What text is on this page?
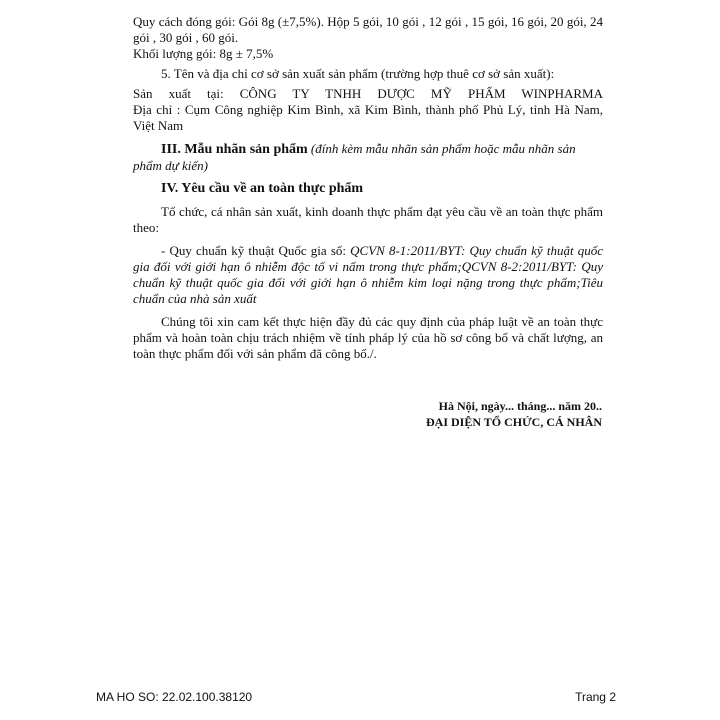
Quy cách đóng gói: Gói 8g (±7,5%). Hộp 5 gói, 10 gói , 12 gói , 15 gói, 16 gói, 20 gói, 24 gói , 30 gói , 60 gói.

Khối lượng gói: 8g ± 7,5%

5. Tên và địa chỉ cơ sở sản xuất sản phẩm (trường hợp thuê cơ sở sản xuất):

Sản xuất tại: CÔNG TY TNHH DƯỢC MỸ PHẨM WINPHARMA

Địa chỉ : Cụm Công nghiệp Kim Bình, xã Kim Bình, thành phố Phủ Lý, tỉnh Hà Nam, Việt Nam

III. Mẫu nhãn sản phẩm (đính kèm mẫu nhãn sản phẩm hoặc mẫu nhãn sản phẩm dự kiến)

IV. Yêu cầu về an toàn thực phẩm

Tổ chức, cá nhân sản xuất, kinh doanh thực phẩm đạt yêu cầu về an toàn thực phẩm theo:

- Quy chuẩn kỹ thuật Quốc gia số: QCVN 8-1:2011/BYT: Quy chuẩn kỹ thuật quốc gia đối với giới hạn ô nhiễm độc tố vi nấm trong thực phẩm;QCVN 8-2:2011/BYT: Quy chuẩn kỹ thuật quốc gia đối với giới hạn ô nhiễm kim loại nặng trong thực phẩm;Tiêu chuẩn của nhà sản xuất

Chúng tôi xin cam kết thực hiện đầy đủ các quy định của pháp luật về an toàn thực phẩm và hoàn toàn chịu trách nhiệm về tính pháp lý của hồ sơ công bố và chất lượng, an toàn thực phẩm đối với sản phẩm đã công bố./.

Hà Nội, ngày... tháng... năm 20..
ĐẠI DIỆN TỔ CHỨC, CÁ NHÂN
MA HO SO: 22.02.100.38120	Trang 2
